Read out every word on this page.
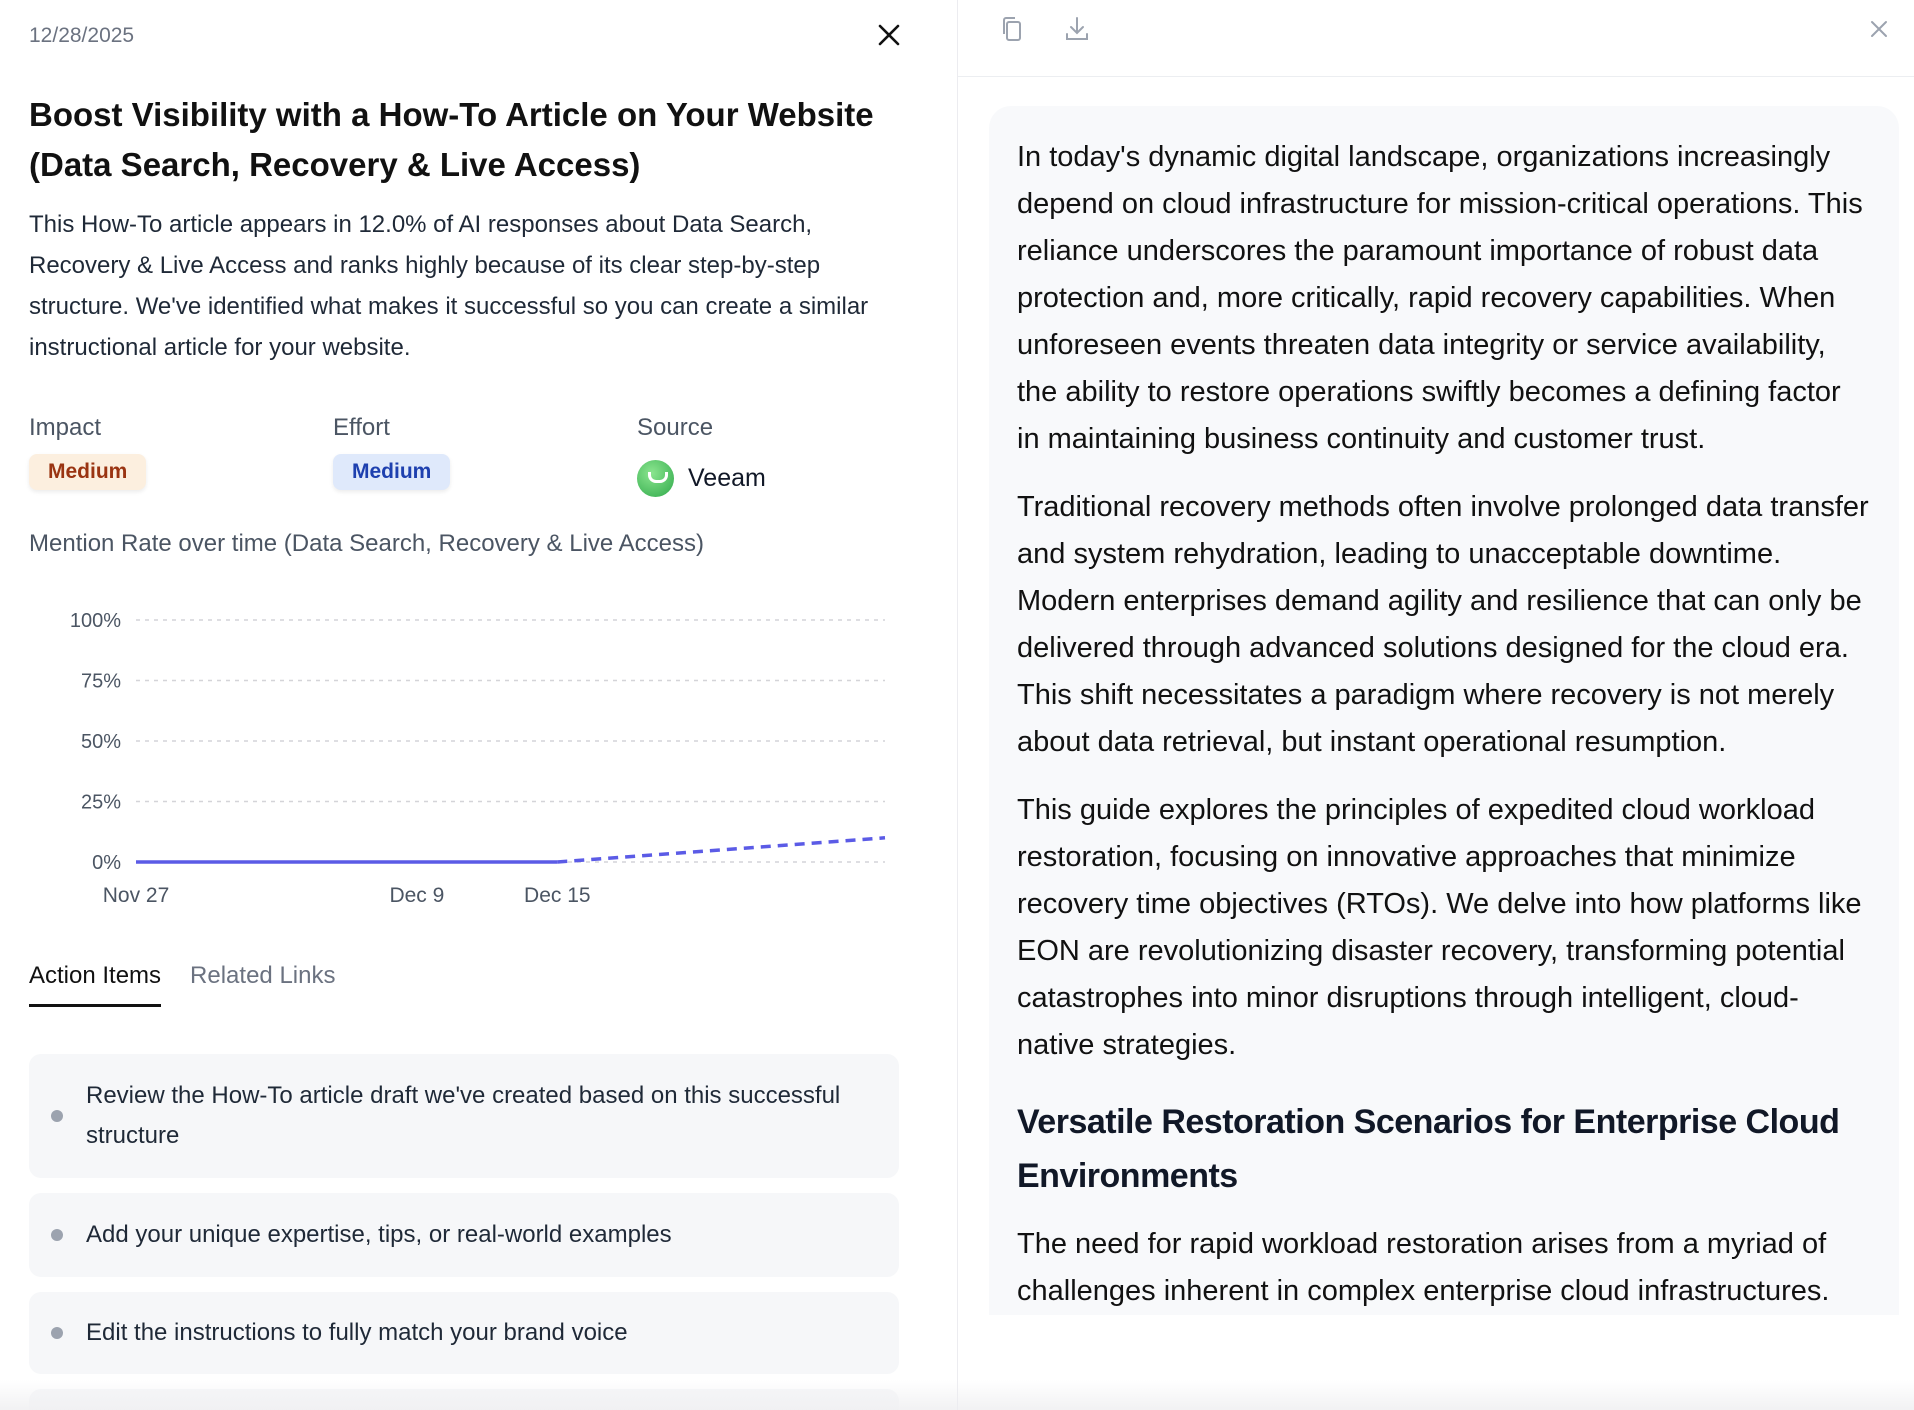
12/28/2025
Boost Visibility with a How-To Article on Your Website (Data Search, Recovery & Live Access)
This How-To article appears in 12.0% of AI responses about Data Search, Recovery & Live Access and ranks highly because of its clear step-by-step structure. We've identified what makes it successful so you can create a similar instructional article for your website.
Impact
Medium
Effort
Medium
Source
Veeam
Mention Rate over time (Data Search, Recovery & Live Access)
0%
25%
50%
75%
100%
Nov 27	Dec 9	Dec 15
Action Items Related Links
Review the How-To article draft we've created based on this successful structure
Add your unique expertise, tips, or real-world examples
Edit the instructions to fully match your brand voice

In today's dynamic digital landscape, organizations increasingly depend on cloud infrastructure for mission-critical operations. This reliance underscores the paramount importance of robust data protection and, more critically, rapid recovery capabilities. When unforeseen events threaten data integrity or service availability, the ability to restore operations swiftly becomes a defining factor in maintaining business continuity and customer trust.

Traditional recovery methods often involve prolonged data transfer and system rehydration, leading to unacceptable downtime. Modern enterprises demand agility and resilience that can only be delivered through advanced solutions designed for the cloud era. This shift necessitates a paradigm where recovery is not merely about data retrieval, but instant operational resumption.

This guide explores the principles of expedited cloud workload restoration, focusing on innovative approaches that minimize recovery time objectives (RTOs). We delve into how platforms like EON are revolutionizing disaster recovery, transforming potential catastrophes into minor disruptions through intelligent, cloud-native strategies.

Versatile Restoration Scenarios for Enterprise Cloud Environments

The need for rapid workload restoration arises from a myriad of challenges inherent in complex enterprise cloud infrastructures.
